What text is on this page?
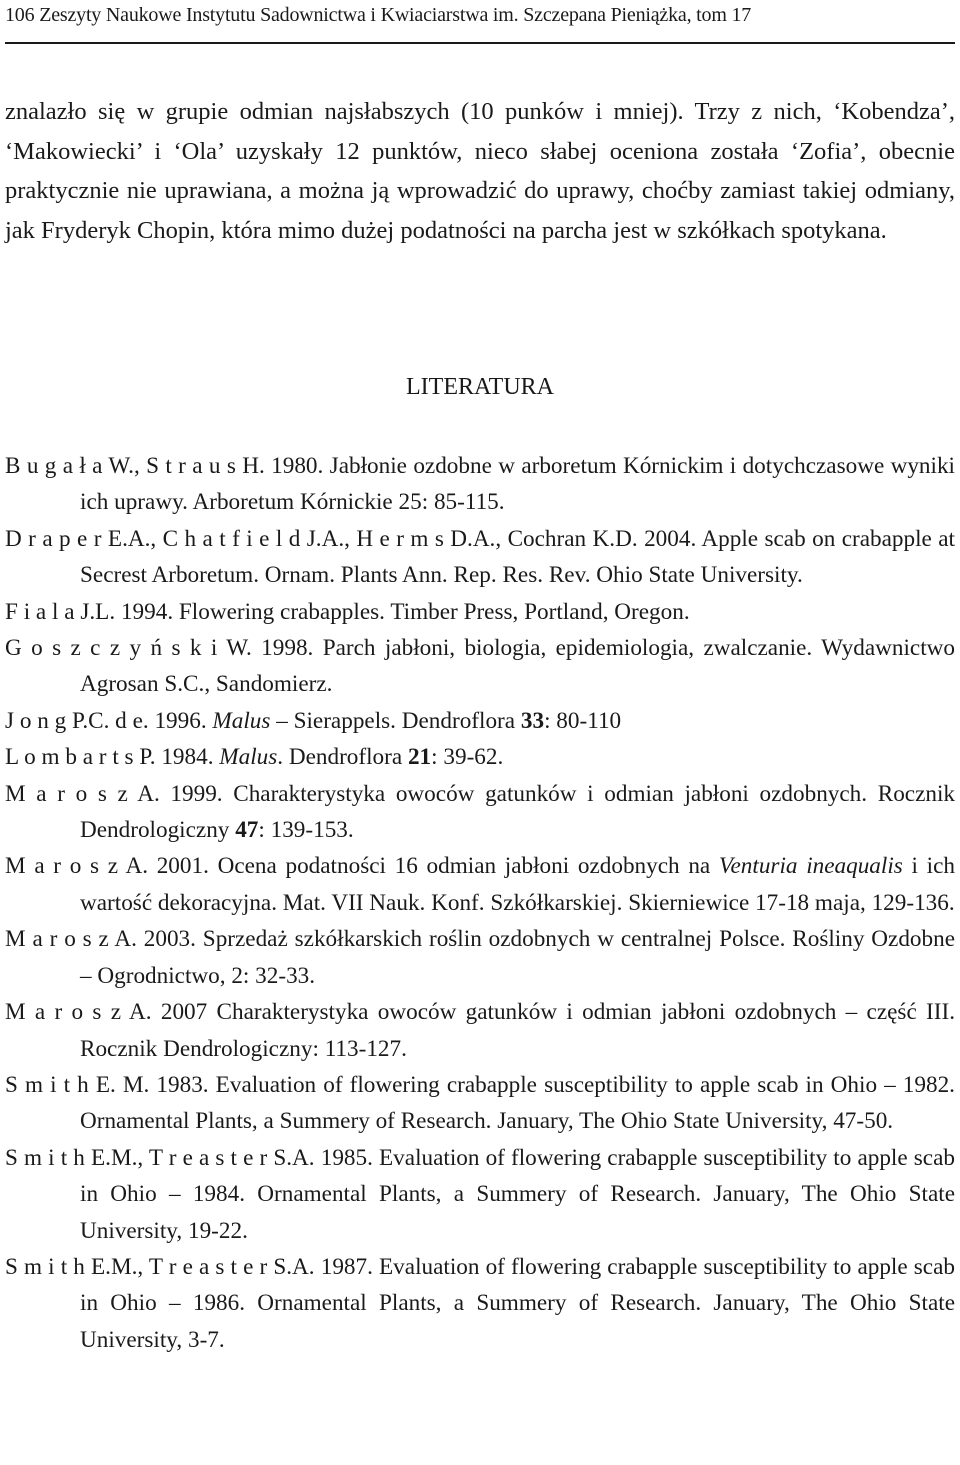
106 Zeszyty Naukowe Instytutu Sadownictwa i Kwiaciarstwa im. Szczepana Pieniążka, tom 17
znalazło się w grupie odmian najsłabszych (10 punków i mniej). Trzy z nich, ‘Kobendza’, ‘Makowiecki’ i ‘Ola’ uzyskały 12 punktów, nieco słabej oceniona została ‘Zofia’, obecnie praktycznie nie uprawiana, a można ją wprowadzić do uprawy, choćby zamiast takiej odmiany, jak Fryderyk Chopin, która mimo dużej podatności na parcha jest w szkółkach spotykana.
LITERATURA
B u g a ł a W., S t r a u s H. 1980. Jabłonie ozdobne w arboretum Kórnickim i dotychczasowe wyniki ich uprawy. Arboretum Kórnickie 25: 85-115.
D r a p e r E.A., C h a t f i e l d J.A., H e r m s D.A., Cochran K.D. 2004. Apple scab on crabapple at Secrest Arboretum. Ornam. Plants Ann. Rep. Res. Rev. Ohio State University.
F i a l a J.L. 1994. Flowering crabapples. Timber Press, Portland, Oregon.
G o s z c z y ń s k i W. 1998. Parch jabłoni, biologia, epidemiologia, zwalczanie. Wydawnictwo Agrosan S.C., Sandomierz.
J o n g P.C. d e. 1996. Malus – Sierappels. Dendroflora 33: 80-110
L o m b a r t s P. 1984. Malus. Dendroflora 21: 39-62.
M a r o s z A. 1999. Charakterystyka owoców gatunków i odmian jabłoni ozdobnych. Rocznik Dendrologiczny 47: 139-153.
M a r o s z A. 2001. Ocena podatności 16 odmian jabłoni ozdobnych na Venturia ineaqualis i ich wartość dekoracyjna. Mat. VII Nauk. Konf. Szkółkarskiej. Skierniewice 17-18 maja, 129-136.
M a r o s z A. 2003. Sprzedaż szkółkarskich roślin ozdobnych w centralnej Polsce. Rośliny Ozdobne – Ogrodnictwo, 2: 32-33.
M a r o s z A. 2007 Charakterystyka owoców gatunków i odmian jabłoni ozdobnych – część III. Rocznik Dendrologiczny: 113-127.
S m i t h E. M. 1983. Evaluation of flowering crabapple susceptibility to apple scab in Ohio – 1982. Ornamental Plants, a Summery of Research. January, The Ohio State University, 47-50.
S m i t h E.M., T r e a s t e r S.A. 1985. Evaluation of flowering crabapple susceptibility to apple scab in Ohio – 1984. Ornamental Plants, a Summery of Research. January, The Ohio State University, 19-22.
S m i t h E.M., T r e a s t e r S.A. 1987. Evaluation of flowering crabapple susceptibility to apple scab in Ohio – 1986. Ornamental Plants, a Summery of Research. January, The Ohio State University, 3-7.
